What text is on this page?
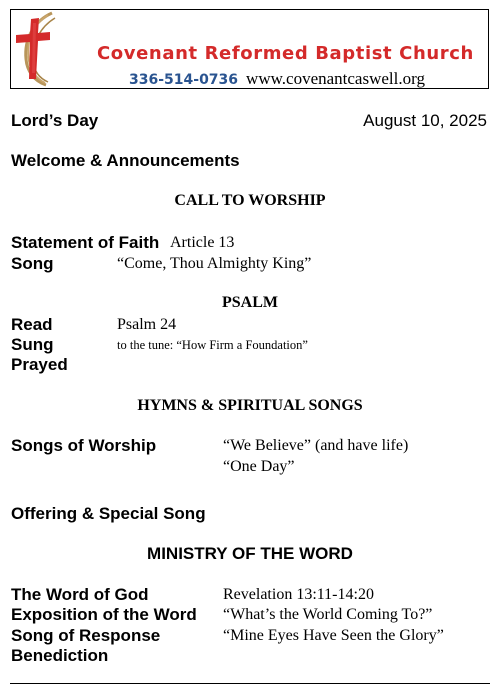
Covenant Reformed Baptist Church
336-514-0736 www.covenantcaswell.org
Lord’s Day	August 10, 2025
Welcome & Announcements
CALL TO WORSHIP
Statement of Faith Article 13
Song	“Come, Thou Almighty King”
PSALM
Read	Psalm 24
Sung	to the tune: “How Firm a Foundation”
Prayed
HYMNS & SPIRITUAL SONGS
Songs of Worship	“We Believe” (and have life)
“One Day”
Offering & Special Song
MINISTRY OF THE WORD
The Word of God	Revelation 13:11-14:20
Exposition of the Word “What’s the World Coming To?”
Song of Response	“Mine Eyes Have Seen the Glory”
Benediction
